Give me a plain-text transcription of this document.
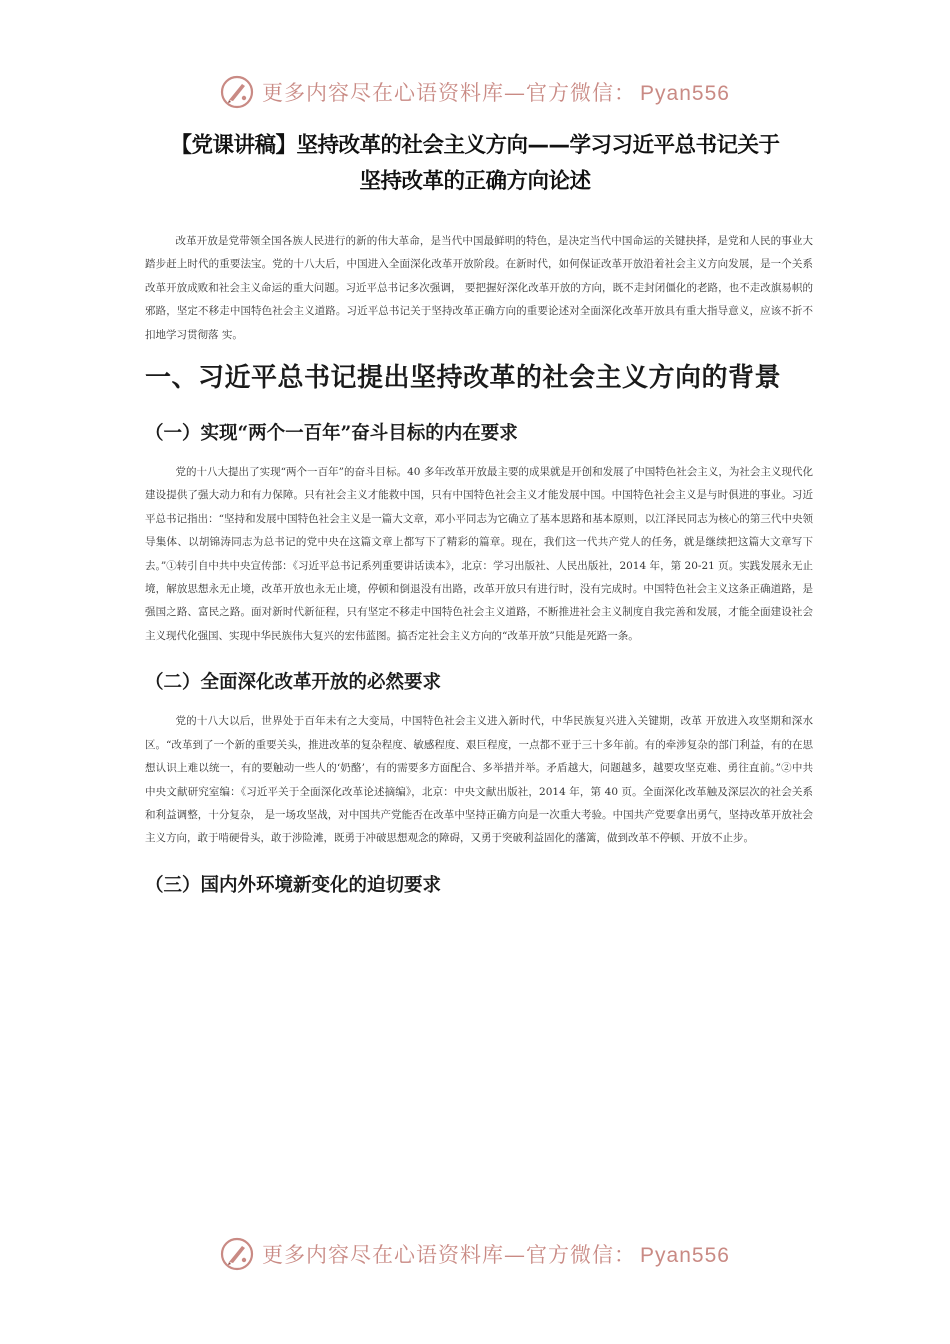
更多内容尽在心语资料库—官方微信： Pyan556
【党课讲稿】坚持改革的社会主义方向——学习习近平总书记关于
坚持改革的正确方向论述

改革开放是党带领全国各族人民进行的新的伟大革命，是当代中国最鲜明的特色，是决定当代中国命运的关键抉择，是党和人民的事业大踏步赶上时代的重要法宝。党的十八大后，中国进入全面深化改革开放阶段。在新时代，如何保证改革开放沿着社会主义方向发展，是一个关系改革开放成败和社会主义命运的重大问题。习近平总书记多次强调， 要把握好深化改革开放的方向，既不走封闭僵化的老路，也不走改旗易帜的邪路，坚定不移走中国特色社会主义道路。习近平总书记关于坚持改革正确方向的重要论述对全面深化改革开放具有重大指导意义，应该不折不扣地学习贯彻落 实。

一、习近平总书记提出坚持改革的社会主义方向的背景
（一）实现“两个一百年”奋斗目标的内在要求

党的十八大提出了实现“两个一百年”的奋斗目标。40 多年改革开放最主要的成果就是开创和发展了中国特色社会主义，为社会主义现代化建设提供了强大动力和有力保障。只有社会主义才能救中国，只有中国特色社会主义才能发展中国。中国特色社会主义是与时俱进的事业。习近平总书记指出：“坚持和发展中国特色社会主义是一篇大文章，邓小平同志为它确立了基本思路和基本原则，以江泽民同志为核心的第三代中央领导集体、以胡锦涛同志为总书记的党中央在这篇文章上都写下了精彩的篇章。现在，我们这一代共产党人的任务，就是继续把这篇大文章写下去。”①转引自中共中央宣传部：《习近平总书记系列重要讲话读本》，北京：学习出版社、人民出版社，2014 年，第 20-21 页。实践发展永无止境，解放思想永无止境，改革开放也永无止境，停顿和倒退没有出路，改革开放只有进行时，没有完成时。中国特色社会主义这条正确道路，是强国之路、富民之路。面对新时代新征程，只有坚定不移走中国特色社会主义道路，不断推进社会主义制度自我完善和发展，才能全面建设社会主义现代化强国、实现中华民族伟大复兴的宏伟蓝图。搞否定社会主义方向的“改革开放”只能是死路一条。

（二）全面深化改革开放的必然要求

党的十八大以后，世界处于百年未有之大变局，中国特色社会主义进入新时代，中华民族复兴进入关键期，改革 开放进入攻坚期和深水区。“改革到了一个新的重要关头，推进改革的复杂程度、敏感程度、艰巨程度，一点都不亚于三十多年前。有的牵涉复杂的部门利益，有的在思想认识上难以统一，有的要触动一些人的‘奶酪’，有的需要多方面配合、多举措并举。矛盾越大，问题越多，越要攻坚克难、勇往直前。”②中共中央文献研究室编：《习近平关于全面深化改革论述摘编》，北京：中央文献出版社，2014 年，第 40 页。全面深化改革触及深层次的社会关系和利益调整，十分复杂， 是一场攻坚战，对中国共产党能否在改革中坚持正确方向是一次重大考验。中国共产党要拿出勇气，坚持改革开放社会主义方向，敢于啃硬骨头，敢于涉险滩，既勇于冲破思想观念的障碍，又勇于突破利益固化的藩篱，做到改革不停顿、开放不止步。

（三）国内外环境新变化的迫切要求
更多内容尽在心语资料库—官方微信： Pyan556
